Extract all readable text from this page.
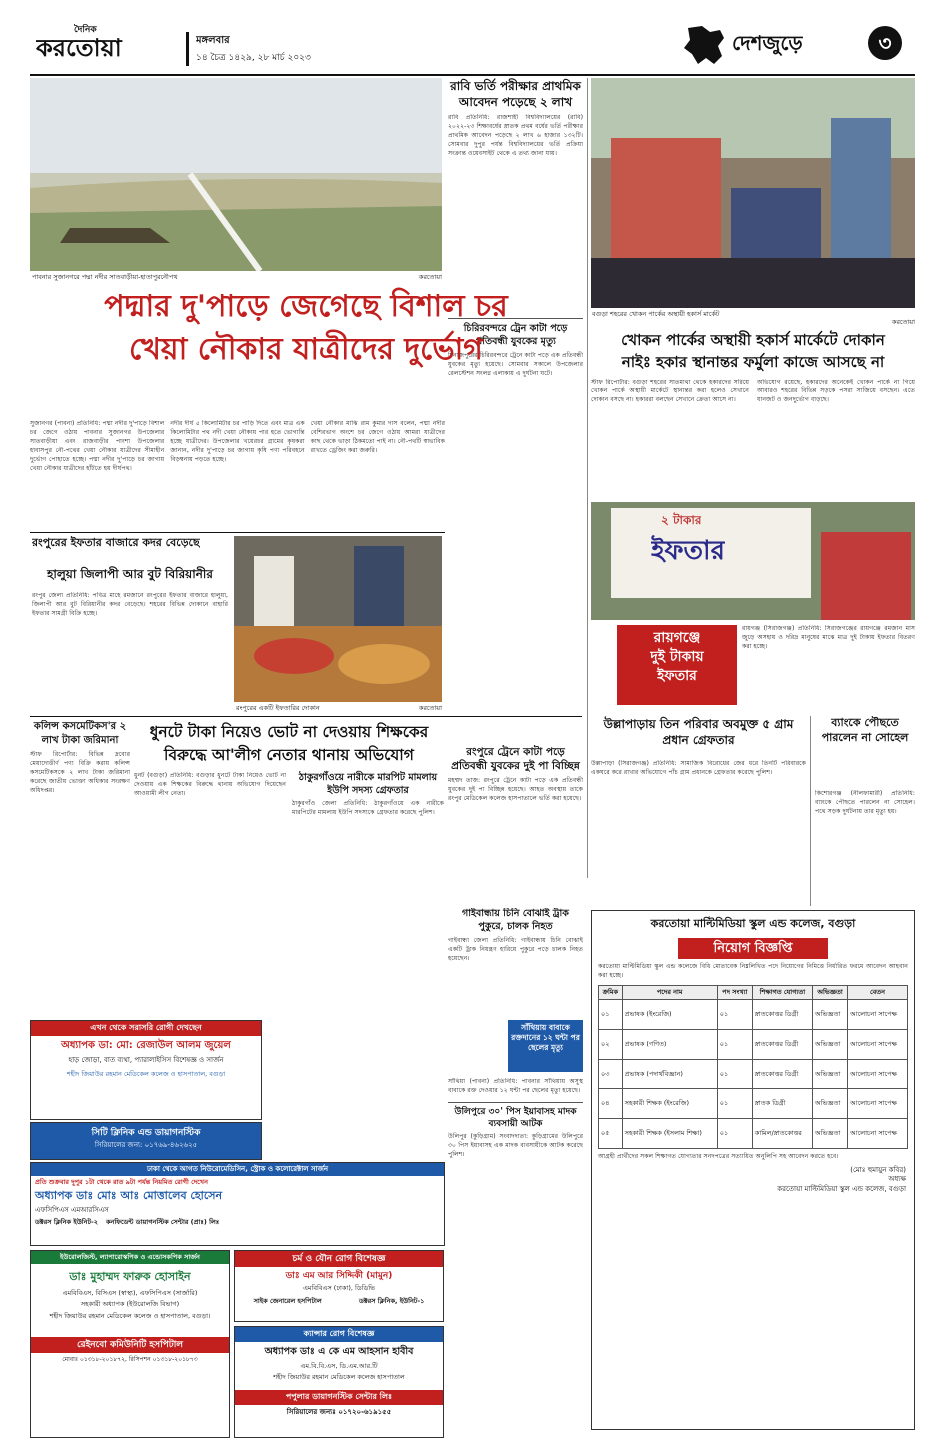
দৈনিক
করতোয়া	মঙ্গলবার
১৪ চৈত্র ১৪২৯, ২৮ মার্চ ২০২৩
দেশজুড়ে	৩
পাবনার সুজানগরে পদ্মা নদীর সাতবাড়ীয়া-হাতাপুরনৌপথ	করতোয়া
রাবি ভর্তি পরীক্ষার প্রাথমিক আবেদন পড়েছে ২ লাখ
রাবি প্রতিনিধি: রাজশাহী বিশ্ববিদ্যালয়ের (রাবি) ২০২২-২৩ শিক্ষাবর্ষের স্নাতক প্রথম বর্ষের ভর্তি পরীক্ষার প্রাথমিক আবেদন পড়েছে ২ লাখ ৬ হাজার ১৩২টি। সোমবার দুপুর পর্যন্ত বিশ্ববিদ্যালয়ের ভর্তি প্রক্রিয়া সংক্রান্ত ওয়েবসাইট থেকে এ তথ্য জানা যায়।
চিরিরবন্দরে ট্রেন কাটা পড়ে প্রতিবন্ধী যুবকের মৃত্যু
দিনাজপুরের চিরিরবন্দরে ট্রেনে কাটা পড়ে এক প্রতিবন্ধী যুবকের মৃত্যু হয়েছে। সোমবার সকালে উপজেলার রেলস্টেশন সংলগ্ন এলাকায় এ দুর্ঘটনা ঘটে।
বগুড়া শহরের খোকন পার্কের অস্থায়ী হকার্স মার্কেট
করতোয়া
খোকন পার্কের অস্থায়ী হকার্স মার্কেটে দোকান
নাইঃ হকার স্থানান্তর ফর্মুলা কাজে আসছে না
স্টাফ রিপোর্টার: বগুড়া শহরের সাতমাথা থেকে হকারদের সরিয়ে খোকন পার্কে অস্থায়ী মার্কেটে স্থানান্তর করা হলেও সেখানে দোকান বসছে না। হকাররা বলছেন সেখানে ক্রেতা আসে না।
অভিযোগ রয়েছে, হকারদের অনেকেই খোকন পার্কে না গিয়ে আবারও শহরের বিভিন্ন সড়কে পসরা সাজিয়ে বসছেন। এতে যানজট ও জনদুর্ভোগ বাড়ছে।
পদ্মার দু'পাড়ে জেগেছে বিশাল চর
খেয়া নৌকার যাত্রীদের দুর্ভোগ
সুজানগর (পাবনা) প্রতিনিধি: পদ্মা নদীর দু'পাড়ে বিশাল চর জেগে ওঠায় পাবনার সুজানগর উপজেলার সাতবাড়ীয়া এবং রাজবাড়ীর পাংশা উপজেলার হাবাসপুর নৌ-পথের খেয়া নৌকার যাত্রীদের সীমাহীন দুর্ভোগ পোহাতে হচ্ছে। পদ্মা নদীর দু'পাড়ে চর জাগায় খেয়া নৌকার যাত্রীদের হাঁটতে হয় দীর্ঘপথ।
নদীর দীর্ঘ ৫ কিলোমিটার চর পাড়ি দিতে এবং মাত্র এক কিলোমিটার পথ নদী খেয়া নৌকায় পার হতে ভোগান্তি হচ্ছে যাত্রীদের। উপজেলার খয়েরচর গ্রামের কৃষকরা জানান, নদীর দু'পাড়ে চর জাগায় কৃষি পণ্য পরিবহনে বিড়ম্বনায় পড়তে হচ্ছে।
খেয়া নৌকার মাঝি রাম কুমার দাস বলেন, পদ্মা নদীর বেশিরভাগ অংশে চর জেগে ওঠায় আমরা যাত্রীদের কাছ থেকে ভাড়া ঠিকমতো পাই না। নৌ-পথটি স্বাভাবিক রাখতে ড্রেজিং করা জরুরি।
রংপুরের ইফতার বাজারে কদর বেড়েছে
হালুয়া জিলাপী আর বুট বিরিয়ানীর
রংপুর জেলা প্রতিনিধি: পবিত্র মাহে রমজানে রংপুরের ইফতার বাজারে হালুয়া, জিলাপী আর বুট বিরিয়ানীর কদর বেড়েছে। শহরের বিভিন্ন দোকানে বাহারি ইফতার সামগ্রী বিক্রি হচ্ছে।
রংপুরের একটি ইফতারির দোকান	করতোয়া
২ টাকার
ইফতার
রায়গঞ্জে
দুই টাকায়
ইফতার
রায়গঞ্জ (সিরাজগঞ্জ) প্রতিনিধি: সিরাজগঞ্জের রায়গঞ্জে রমজান মাস জুড়ে অসহায় ও দরিদ্র মানুষের মাঝে মাত্র দুই টাকায় ইফতার বিতরণ করা হচ্ছে।
উল্লাপাড়ায় তিন পরিবার অবমুক্ত ৫ গ্রাম প্রধান গ্রেফতার
উল্লাপাড়া (সিরাজগঞ্জ) প্রতিনিধি: সামাজিক বিরোধের জের ধরে তিনটি পরিবারকে একঘরে করে রাখার অভিযোগে পাঁচ গ্রাম প্রধানকে গ্রেফতার করেছে পুলিশ।
ব্যাংকে পৌছতে পারলেন না সোহেল
কিশোরগঞ্জ (নীলফামারী) প্রতিনিধি: ব্যাংকে পৌছতে পারলেন না সোহেল। পথে সড়ক দুর্ঘটনায় তার মৃত্যু হয়।
রংপুরে ট্রেনে কাটা পড়ে প্রতিবন্ধী যুবকের দুই পা বিচ্ছিন্ন
মহম্মদ তাজ: রংপুরে ট্রেনে কাটা পড়ে এক প্রতিবন্ধী যুবকের দুই পা বিচ্ছিন্ন হয়েছে। আহত অবস্থায় তাকে রংপুর মেডিকেল কলেজ হাসপাতালে ভর্তি করা হয়েছে।
কলিন্স কসমেটিকস'র ২ লাখ টাকা জরিমানা
স্টাফ রিপোর্টার: বিভিন্ন দ্রব্যের মেয়াদোত্তীর্ণ পণ্য বিক্রি করায় কলিন্স কসমেটিকসকে ২ লাখ টাকা জরিমানা করেছে জাতীয় ভোক্তা অধিকার সংরক্ষণ অধিদপ্তর।
ধুনটে টাকা নিয়েও ভোট না দেওয়ায় শিক্ষকের
বিরুদ্ধে আ'লীগ নেতার থানায় অভিযোগ
ধুনট (বগুড়া) প্রতিনিধি: বগুড়ার ধুনটে টাকা নিয়েও ভোট না দেওয়ায় এক শিক্ষকের বিরুদ্ধে থানায় অভিযোগ দিয়েছেন আওয়ামী লীগ নেতা।
ঠাকুরগাঁওয়ে নারীকে মারপিট মামলায় ইউপি সদস্য গ্রেফতার
ঠাকুরগাঁও জেলা প্রতিনিধি: ঠাকুরগাঁওয়ে এক নারীকে মারপিটের মামলায় ইউপি সদস্যকে গ্রেফতার করেছে পুলিশ।
গাইবান্ধায় চিনি বোঝাই ট্রাক পুকুরে, চালক নিহত
গাইবান্ধা জেলা প্রতিনিধি: গাইবান্ধায় চিনি বোঝাই একটি ট্রাক নিয়ন্ত্রণ হারিয়ে পুকুরে পড়ে চালক নিহত হয়েছেন।
সাঁথিয়ায় বাবাকে রক্তদানের ১২ ঘন্টা পর ছেলের মৃত্যু
সাঁথিয়া (পাবনা) প্রতিনিধি: পাবনার সাঁথিয়ায় অসুস্থ বাবাকে রক্ত দেওয়ার ১২ ঘন্টা পর ছেলের মৃত্যু হয়েছে।
উলিপুরে ৩০' পিস ইয়াবাসহ মাদক ব্যবসায়ী আটক
উলিপুর (কুড়িগ্রাম) সংবাদদাতা: কুড়িগ্রামের উলিপুরে ৩০ পিস ইয়াবাসহ এক মাদক ব্যবসায়ীকে আটক করেছে পুলিশ।
করতোয়া মাল্টিমিডিয়া স্কুল এন্ড কলেজ, বগুড়া
নিয়োগ বিজ্ঞপ্তি
করতোয়া মাল্টিমিডিয়া স্কুল এন্ড কলেজে বিধি মোতাবেক নিম্নলিখিত পদে নিয়োগের নিমিত্তে নির্ধারিত ফরমে আবেদন আহবান করা হচ্ছে।
ক্রমিক	পদের নাম	পদ সংখ্যা	শিক্ষাগত যোগ্যতা	অভিজ্ঞতা	বেতন
০১	প্রভাষক (ইংরেজি)	০১	স্নাতকোত্তর ডিগ্রী	অভিজ্ঞতা	আলোচনা সাপেক্ষ
০২	প্রভাষক (গণিত)	০১	স্নাতকোত্তর ডিগ্রী	অভিজ্ঞতা	আলোচনা সাপেক্ষ
০৩	প্রভাষক (পদার্থবিজ্ঞান)	০১	স্নাতকোত্তর ডিগ্রী	অভিজ্ঞতা	আলোচনা সাপেক্ষ
০৪	সহকারী শিক্ষক (ইংরেজি)	০১	স্নাতক ডিগ্রী	অভিজ্ঞতা	আলোচনা সাপেক্ষ
০৫	সহকারী শিক্ষক (ইসলাম শিক্ষা)	০১	কামিল/স্নাতকোত্তর	অভিজ্ঞতা	আলোচনা সাপেক্ষ
আগ্রহী প্রার্থীদের সকল শিক্ষাগত যোগ্যতার সনদপত্রের সত্যায়িত অনুলিপি সহ আবেদন করতে হবে।
(মোঃ হুমায়ুন কবির)
অধ্যক্ষ
করতোয়া মাল্টিমিডিয়া স্কুল এন্ড কলেজ, বগুড়া
এখন থেকে সরাসরি রোগী দেখছেন
অধ্যাপক ডা: মো: রেজাউল আলম জুয়েল
হাড় জোড়া, বাত ব্যথা, প্যারালাইসিস বিশেষজ্ঞ ও সার্জন
শহীদ জিয়াউর রহমান মেডিকেল কলেজ ও হাসপাতাল, বগুড়া
সিটি ক্লিনিক এন্ড ডায়াগনস্টিক
সিরিয়ালের জন্য: ০১৭৬৯-৪৬২৬২৫
ঢাকা থেকে আগত নিউরোমেডিসিন, স্ট্রোক ও কলোরেক্টাল সার্জন
প্রতি শুক্রবার দুপুর ১টা থেকে রাত ৯টা পর্যন্ত নিয়মিত রোগী দেখেন
অধ্যাপক ডাঃ মোঃ আঃ মোত্তালেব হোসেন
এফসিপিএস এমআরসিএস
ডক্টরস ক্লিনিক ইউনিট-২ কনফিডেন্ট ডায়াগনস্টিক সেন্টার (প্রাঃ) লিঃ
চর্ম ও যৌন রোগ বিশেষজ্ঞ
ডাঃ এম আর সিদ্দিকী (মামুন)
এমবিবিএস (ঢাকা), ডিডিভি
সাইক জেনারেল হসপিটাল	ডক্টরস ক্লিনিক, ইউনিট-১
ইউরোলজিস্ট, ল্যাপারোস্কপিক ও এন্ডোসকপিক সার্জন
ডাঃ মুহাম্মদ ফারুক হোসাইন
এমবিবিএস, বিসিএস (স্বাস্থ্য), এফসিপিএস (সার্জারি)
সহকারী অধ্যাপক (ইউরোলজি বিভাগ)
শহীদ জিয়াউর রহমান মেডিকেল কলেজ ও হাসপাতাল, বগুড়া।
রেইনবো কমিউনিটি হসপিটাল
মোবাঃ ০১৩১৮-২০১৮৭২, রিসিপশন ০১৩১৮-২০১৮৭৩
ক্যান্সার রোগ বিশেষজ্ঞ
অধ্যাপক ডাঃ এ কে এম আহসান হাবীব
এম.বি.বি.এস, ডি.এম.আর.টি
শহীদ জিয়াউর রহমান মেডিকেল কলেজ হাসপাতাল
পপুলার ডায়াগনস্টিক সেন্টার লিঃ
সিরিয়ালের জন্যঃ ০১৭২০-৬১৯১৫৫
